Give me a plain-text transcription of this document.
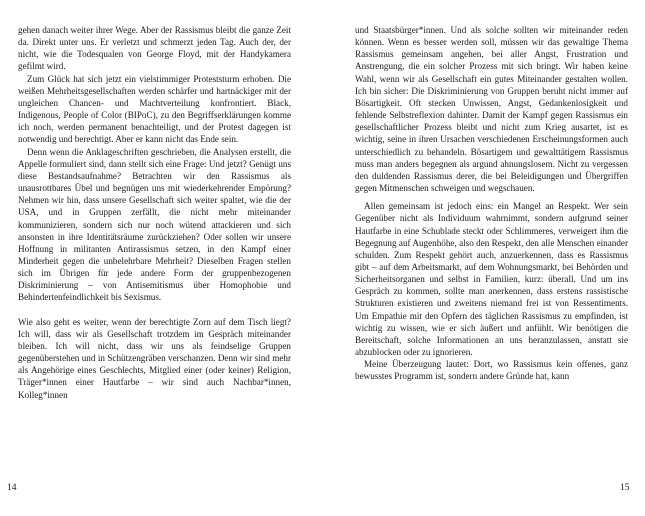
gehen danach weiter ihrer Wege. Aber der Rassismus bleibt die ganze Zeit da. Direkt unter uns. Er verletzt und schmerzt jeden Tag. Auch der, der nicht, wie die Todesqualen von George Floyd, mit der Handykamera gefilmt wird.

Zum Glück hat sich jetzt ein vielstimmiger Proteststurm erhoben. Die weißen Mehrheitsgesellschaften werden schärfer und hartnäckiger mit der ungleichen Chancen- und Machtverteilung konfrontiert. Black, Indigenous, People of Color (BIPoC), zu den Begriffserklärungen komme ich noch, werden permanent benachteiligt, und der Protest dagegen ist notwendig und berechtigt. Aber er kann nicht das Ende sein.

Denn wenn die Anklageschriften geschrieben, die Analysen erstellt, die Appelle formuliert sind, dann stellt sich eine Frage: Und jetzt? Genügt uns diese Bestandsaufnahme? Betrachten wir den Rassismus als unausrottbares Übel und begnügen uns mit wiederkehrender Empörung? Nehmen wir hin, dass unsere Gesellschaft sich weiter spaltet, wie die der USA, und in Gruppen zerfällt, die nicht mehr miteinander kommunizieren, sondern sich nur noch wütend attackieren und sich ansonsten in ihre Identitätsräume zurückziehen? Oder sollen wir unsere Hoffnung in militanten Antirassismus setzen, in den Kampf einer Minderheit gegen die unbelehrbare Mehrheit? Dieselben Fragen stellen sich im Übrigen für jede andere Form der gruppenbezogenen Diskriminierung – von Antisemitismus über Homophobie und Behindertenfeindlichkeit bis Sexismus.

Wie also geht es weiter, wenn der berechtigte Zorn auf dem Tisch liegt? Ich will, dass wir als Gesellschaft trotzdem im Gespräch miteinander bleiben. Ich will nicht, dass wir uns als feindselige Gruppen gegenüberstehen und in Schützengräben verschanzen. Denn wir sind mehr als Angehörige eines Geschlechts, Mitglied einer (oder keiner) Religion, Träger*innen einer Hautfarbe – wir sind auch Nachbar*innen, Kolleg*innen

und Staatsbürger*innen. Und als solche sollten wir miteinander reden können. Wenn es besser werden soll, müssen wir das gewaltige Thema Rassismus gemeinsam angehen, bei aller Angst, Frustration und Anstrengung, die ein solcher Prozess mit sich bringt. Wir haben keine Wahl, wenn wir als Gesellschaft ein gutes Miteinander gestalten wollen. Ich bin sicher: Die Diskriminierung von Gruppen beruht nicht immer auf Bösartigkeit. Oft stecken Unwissen, Angst, Gedankenlosigkeit und fehlende Selbstreflexion dahinter. Damit der Kampf gegen Rassismus ein gesellschaftlicher Prozess bleibt und nicht zum Krieg ausartet, ist es wichtig, seine in ihren Ursachen verschiedenen Erscheinungsformen auch unterschiedlich zu behandeln. Bösartigem und gewalttätigem Rassismus muss man anders begegnen als argund ahnungslosem. Nicht zu vergessen den duldenden Rassismus derer, die bei Beleidigungen und Übergriffen gegen Mitmenschen schweigen und wegschauen.

Allen gemeinsam ist jedoch eins: ein Mangel an Respekt. Wer sein Gegenüber nicht als Individuum wahrnimmt, sondern aufgrund seiner Hautfarbe in eine Schublade steckt oder Schlimmeres, verweigert ihm die Begegnung auf Augenhöhe, also den Respekt, den alle Menschen einander schulden. Zum Respekt gehört auch, anzuerkennen, dass es Rassismus gibt – auf dem Arbeitsmarkt, auf dem Wohnungsmarkt, bei Behörden und Sicherheitsorganen und selbst in Familien, kurz: überall. Und um ins Gespräch zu kommen, sollte man anerkennen, dass erstens rassistische Strukturen existieren und zweitens niemand frei ist von Ressentiments. Um Empathie mit den Opfern des täglichen Rassismus zu empfinden, ist wichtig zu wissen, wie er sich äußert und anfühlt. Wir benötigen die Bereitschaft, solche Informationen an uns heranzulassen, anstatt sie abzublocken oder zu ignorieren.

Meine Überzeugung lautet: Dort, wo Rassismus kein offenes, ganz bewusstes Programm ist, sondern andere Gründe hat, kann

14	15
